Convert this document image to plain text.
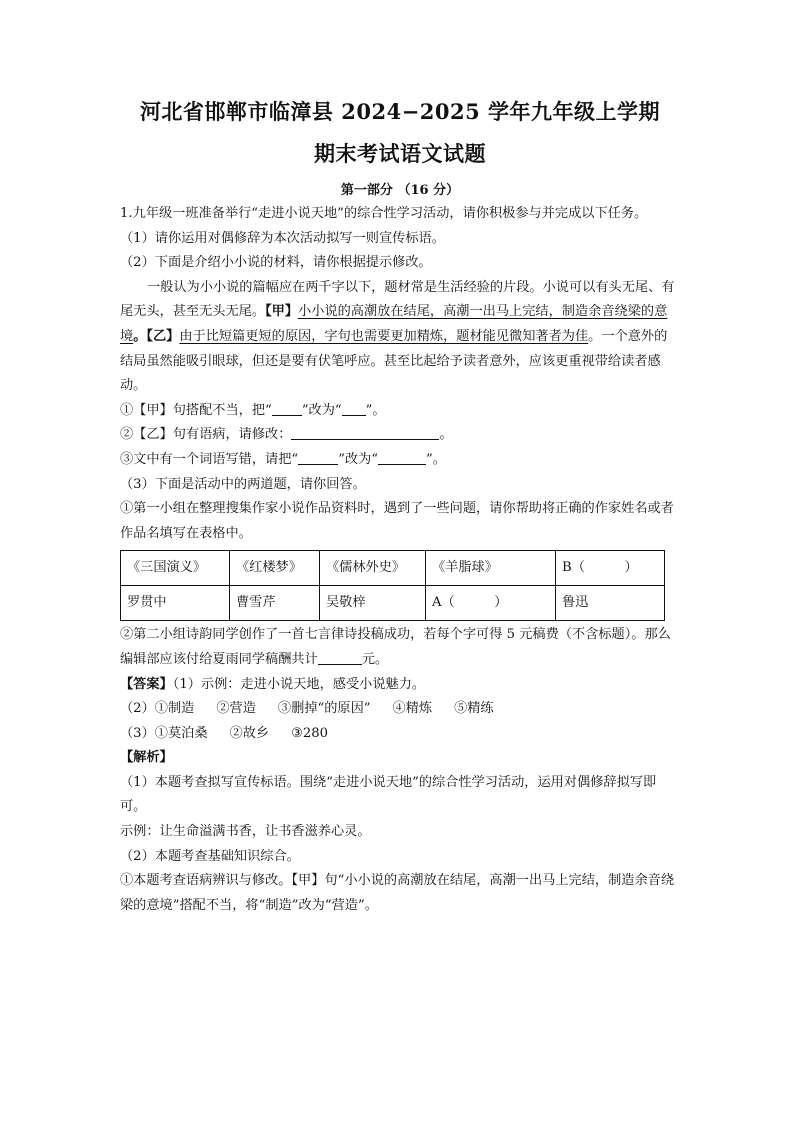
河北省邯郸市临漳县 2024−2025 学年九年级上学期
期末考试语文试题
第一部分 （16 分）

1.九年级一班准备举行“走进小说天地”的综合性学习活动，请你积极参与并完成以下任务。

（1）请你运用对偶修辞为本次活动拟写一则宣传标语。

（2）下面是介绍小小说的材料，请你根据提示修改。

一般认为小小说的篇幅应在两千字以下，题材常是生活经验的片段。小说可以有头无尾、有尾无头，甚至无头无尾。【甲】小小说的高潮放在结尾，高潮一出马上完结，制造余音绕梁的意境。【乙】由于比短篇更短的原因，字句也需要更加精炼，题材能见微知著者为佳。一个意外的结局虽然能吸引眼球，但还是要有伏笔呼应。甚至比起给予读者意外，应该更重视带给读者感动。

①【甲】句搭配不当，把“ ”改为“ ”。

②【乙】句有语病，请修改：	。

③文中有一个词语写错，请把“	”改为“	”。

（3）下面是活动中的两道题，请你回答。

①第一小组在整理搜集作家小说作品资料时，遇到了一些问题，请你帮助将正确的作家姓名或者作品名填写在表格中。

《三国演义》	《红楼梦》	《儒林外史》	《羊脂球》	B（　　　）
罗贯中	曹雪芹	吴敬梓	A（　　　）	鲁迅

②第二小组诗韵同学创作了一首七言律诗投稿成功，若每个字可得 5 元稿费（不含标题）。那么编辑部应该付给夏雨同学稿酬共计	元。

【答案】（1）示例：走进小说天地，感受小说魅力。

（2）①制造 ②营造 ③删掉“的原因” ④精炼 ⑤精练

（3）①莫泊桑 ②故乡 ③280

【解析】

（1）本题考查拟写宣传标语。围绕“走进小说天地”的综合性学习活动，运用对偶修辞拟写即可。

示例：让生命溢满书香，让书香滋养心灵。

（2）本题考查基础知识综合。

①本题考查语病辨识与修改。【甲】句“小小说的高潮放在结尾，高潮一出马上完结，制造余音绕梁的意境”搭配不当，将“制造”改为“营造”。
